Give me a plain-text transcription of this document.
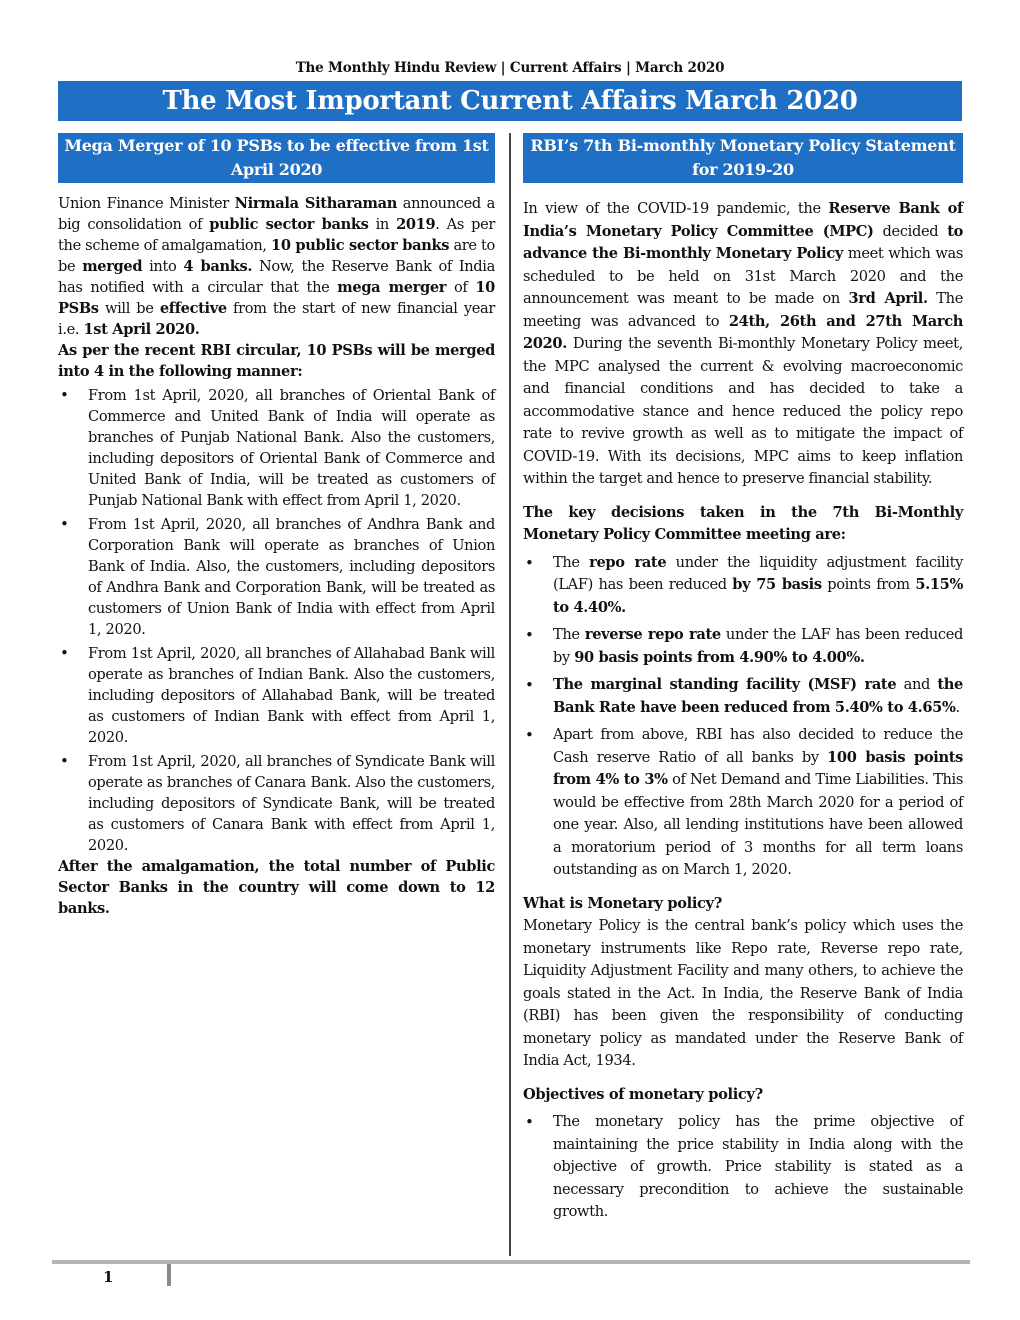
The Monthly Hindu Review | Current Affairs | March 2020
The Most Important Current Affairs March 2020
Mega Merger of 10 PSBs to be effective from 1st April 2020

Union Finance Minister Nirmala Sitharaman announced a big consolidation of public sector banks in 2019. As per the scheme of amalgamation, 10 public sector banks are to be merged into 4 banks. Now, the Reserve Bank of India has notified with a circular that the mega merger of 10 PSBs will be effective from the start of new financial year i.e. 1st April 2020.

As per the recent RBI circular, 10 PSBs will be merged into 4 in the following manner:

• From 1st April, 2020, all branches of Oriental Bank of Commerce and United Bank of India will operate as branches of Punjab National Bank. Also the customers, including depositors of Oriental Bank of Commerce and United Bank of India, will be treated as customers of Punjab National Bank with effect from April 1, 2020.
• From 1st April, 2020, all branches of Andhra Bank and Corporation Bank will operate as branches of Union Bank of India. Also, the customers, including depositors of Andhra Bank and Corporation Bank, will be treated as customers of Union Bank of India with effect from April 1, 2020.
• From 1st April, 2020, all branches of Allahabad Bank will operate as branches of Indian Bank. Also the customers, including depositors of Allahabad Bank, will be treated as customers of Indian Bank with effect from April 1, 2020.
• From 1st April, 2020, all branches of Syndicate Bank will operate as branches of Canara Bank. Also the customers, including depositors of Syndicate Bank, will be treated as customers of Canara Bank with effect from April 1, 2020.

After the amalgamation, the total number of Public Sector Banks in the country will come down to 12 banks.

RBI’s 7th Bi-monthly Monetary Policy Statement for 2019-20

In view of the COVID-19 pandemic, the Reserve Bank of India’s Monetary Policy Committee (MPC) decided to advance the Bi-monthly Monetary Policy meet which was scheduled to be held on 31st March 2020 and the announcement was meant to be made on 3rd April. The meeting was advanced to 24th, 26th and 27th March 2020. During the seventh Bi-monthly Monetary Policy meet, the MPC analysed the current & evolving macroeconomic and financial conditions and has decided to take a accommodative stance and hence reduced the policy repo rate to revive growth as well as to mitigate the impact of COVID-19. With its decisions, MPC aims to keep inflation within the target and hence to preserve financial stability.

The key decisions taken in the 7th Bi-Monthly Monetary Policy Committee meeting are:

• The repo rate under the liquidity adjustment facility (LAF) has been reduced by 75 basis points from 5.15% to 4.40%.
• The reverse repo rate under the LAF has been reduced by 90 basis points from 4.90% to 4.00%.
• The marginal standing facility (MSF) rate and the Bank Rate have been reduced from 5.40% to 4.65%.
• Apart from above, RBI has also decided to reduce the Cash reserve Ratio of all banks by 100 basis points from 4% to 3% of Net Demand and Time Liabilities. This would be effective from 28th March 2020 for a period of one year. Also, all lending institutions have been allowed a moratorium period of 3 months for all term loans outstanding as on March 1, 2020.

What is Monetary policy?

Monetary Policy is the central bank’s policy which uses the monetary instruments like Repo rate, Reverse repo rate, Liquidity Adjustment Facility and many others, to achieve the goals stated in the Act. In India, the Reserve Bank of India (RBI) has been given the responsibility of conducting monetary policy as mandated under the Reserve Bank of India Act, 1934.

Objectives of monetary policy?

• The monetary policy has the prime objective of maintaining the price stability in India along with the objective of growth. Price stability is stated as a necessary precondition to achieve the sustainable growth.
1
